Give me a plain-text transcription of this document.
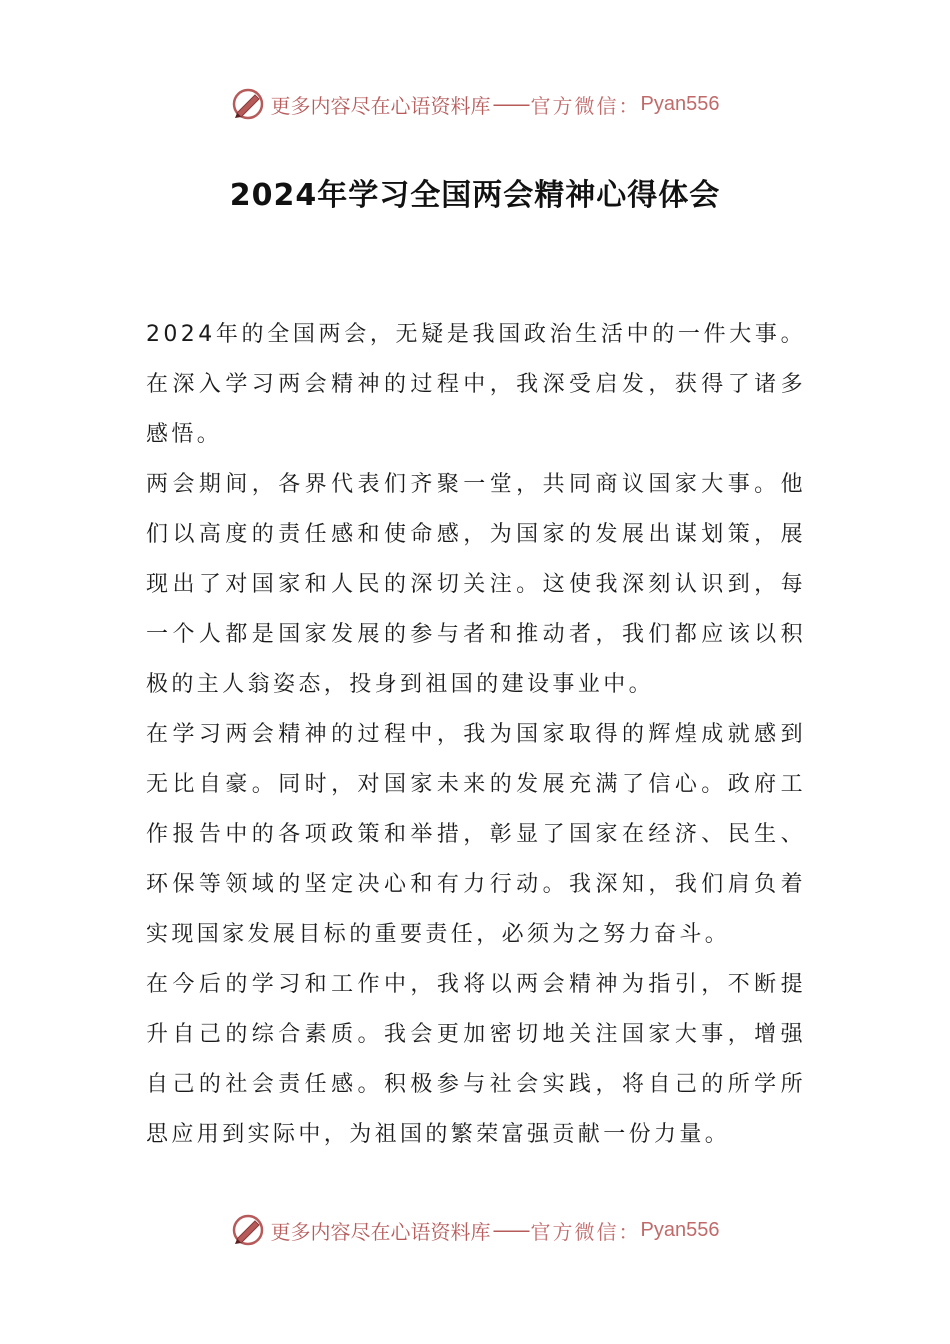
更多内容尽在心语资料库 —— 官方微信： Pyan556
2024年学习全国两会精神心得体会

2024年的全国两会，无疑是我国政治生活中的一件大事。在深入学习两会精神的过程中，我深受启发，获得了诸多感悟。

两会期间，各界代表们齐聚一堂，共同商议国家大事。他们以高度的责任感和使命感，为国家的发展出谋划策，展现出了对国家和人民的深切关注。这使我深刻认识到，每一个人都是国家发展的参与者和推动者，我们都应该以积极的主人翁姿态，投身到祖国的建设事业中。

在学习两会精神的过程中，我为国家取得的辉煌成就感到无比自豪。同时，对国家未来的发展充满了信心。政府工作报告中的各项政策和举措，彰显了国家在经济、民生、环保等领域的坚定决心和有力行动。我深知，我们肩负着实现国家发展目标的重要责任，必须为之努力奋斗。

在今后的学习和工作中，我将以两会精神为指引，不断提升自己的综合素质。我会更加密切地关注国家大事，增强自己的社会责任感。积极参与社会实践，将自己的所学所思应用到实际中，为祖国的繁荣富强贡献一份力量。

更多内容尽在心语资料库 —— 官方微信： Pyan556
